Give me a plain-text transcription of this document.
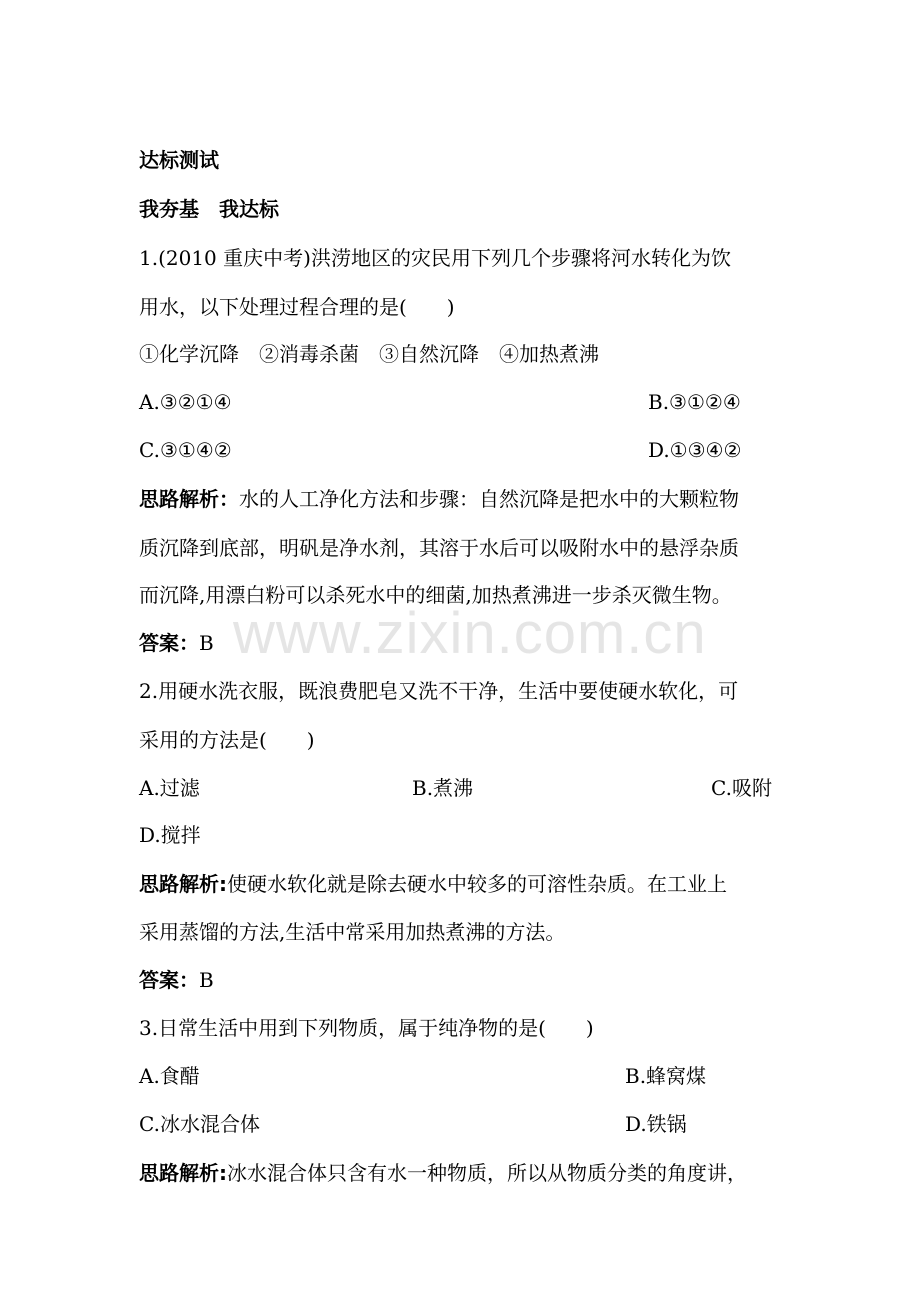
达标测试
我夯基　我达标
1.(2010 重庆中考)洪涝地区的灾民用下列几个步骤将河水转化为饮
用水，以下处理过程合理的是(　　)
①化学沉降　②消毒杀菌　③自然沉降　④加热煮沸
A.③②①④	B.③①②④
C.③①④②	D.①③④②
思路解析：水的人工净化方法和步骤：自然沉降是把水中的大颗粒物
质沉降到底部，明矾是净水剂，其溶于水后可以吸附水中的悬浮杂质
而沉降,用漂白粉可以杀死水中的细菌,加热煮沸进一步杀灭微生物。
答案：B
2.用硬水洗衣服，既浪费肥皂又洗不干净，生活中要使硬水软化，可
采用的方法是(　　)
A.过滤	B.煮沸	C.吸附
D.搅拌
思路解析:使硬水软化就是除去硬水中较多的可溶性杂质。在工业上
采用蒸馏的方法,生活中常采用加热煮沸的方法。
答案：B
3.日常生活中用到下列物质，属于纯净物的是(　　)
A.食醋	B.蜂窝煤
C.冰水混合体	D.铁锅
思路解析:冰水混合体只含有水一种物质，所以从物质分类的角度讲，
www.zixin.com.cn
